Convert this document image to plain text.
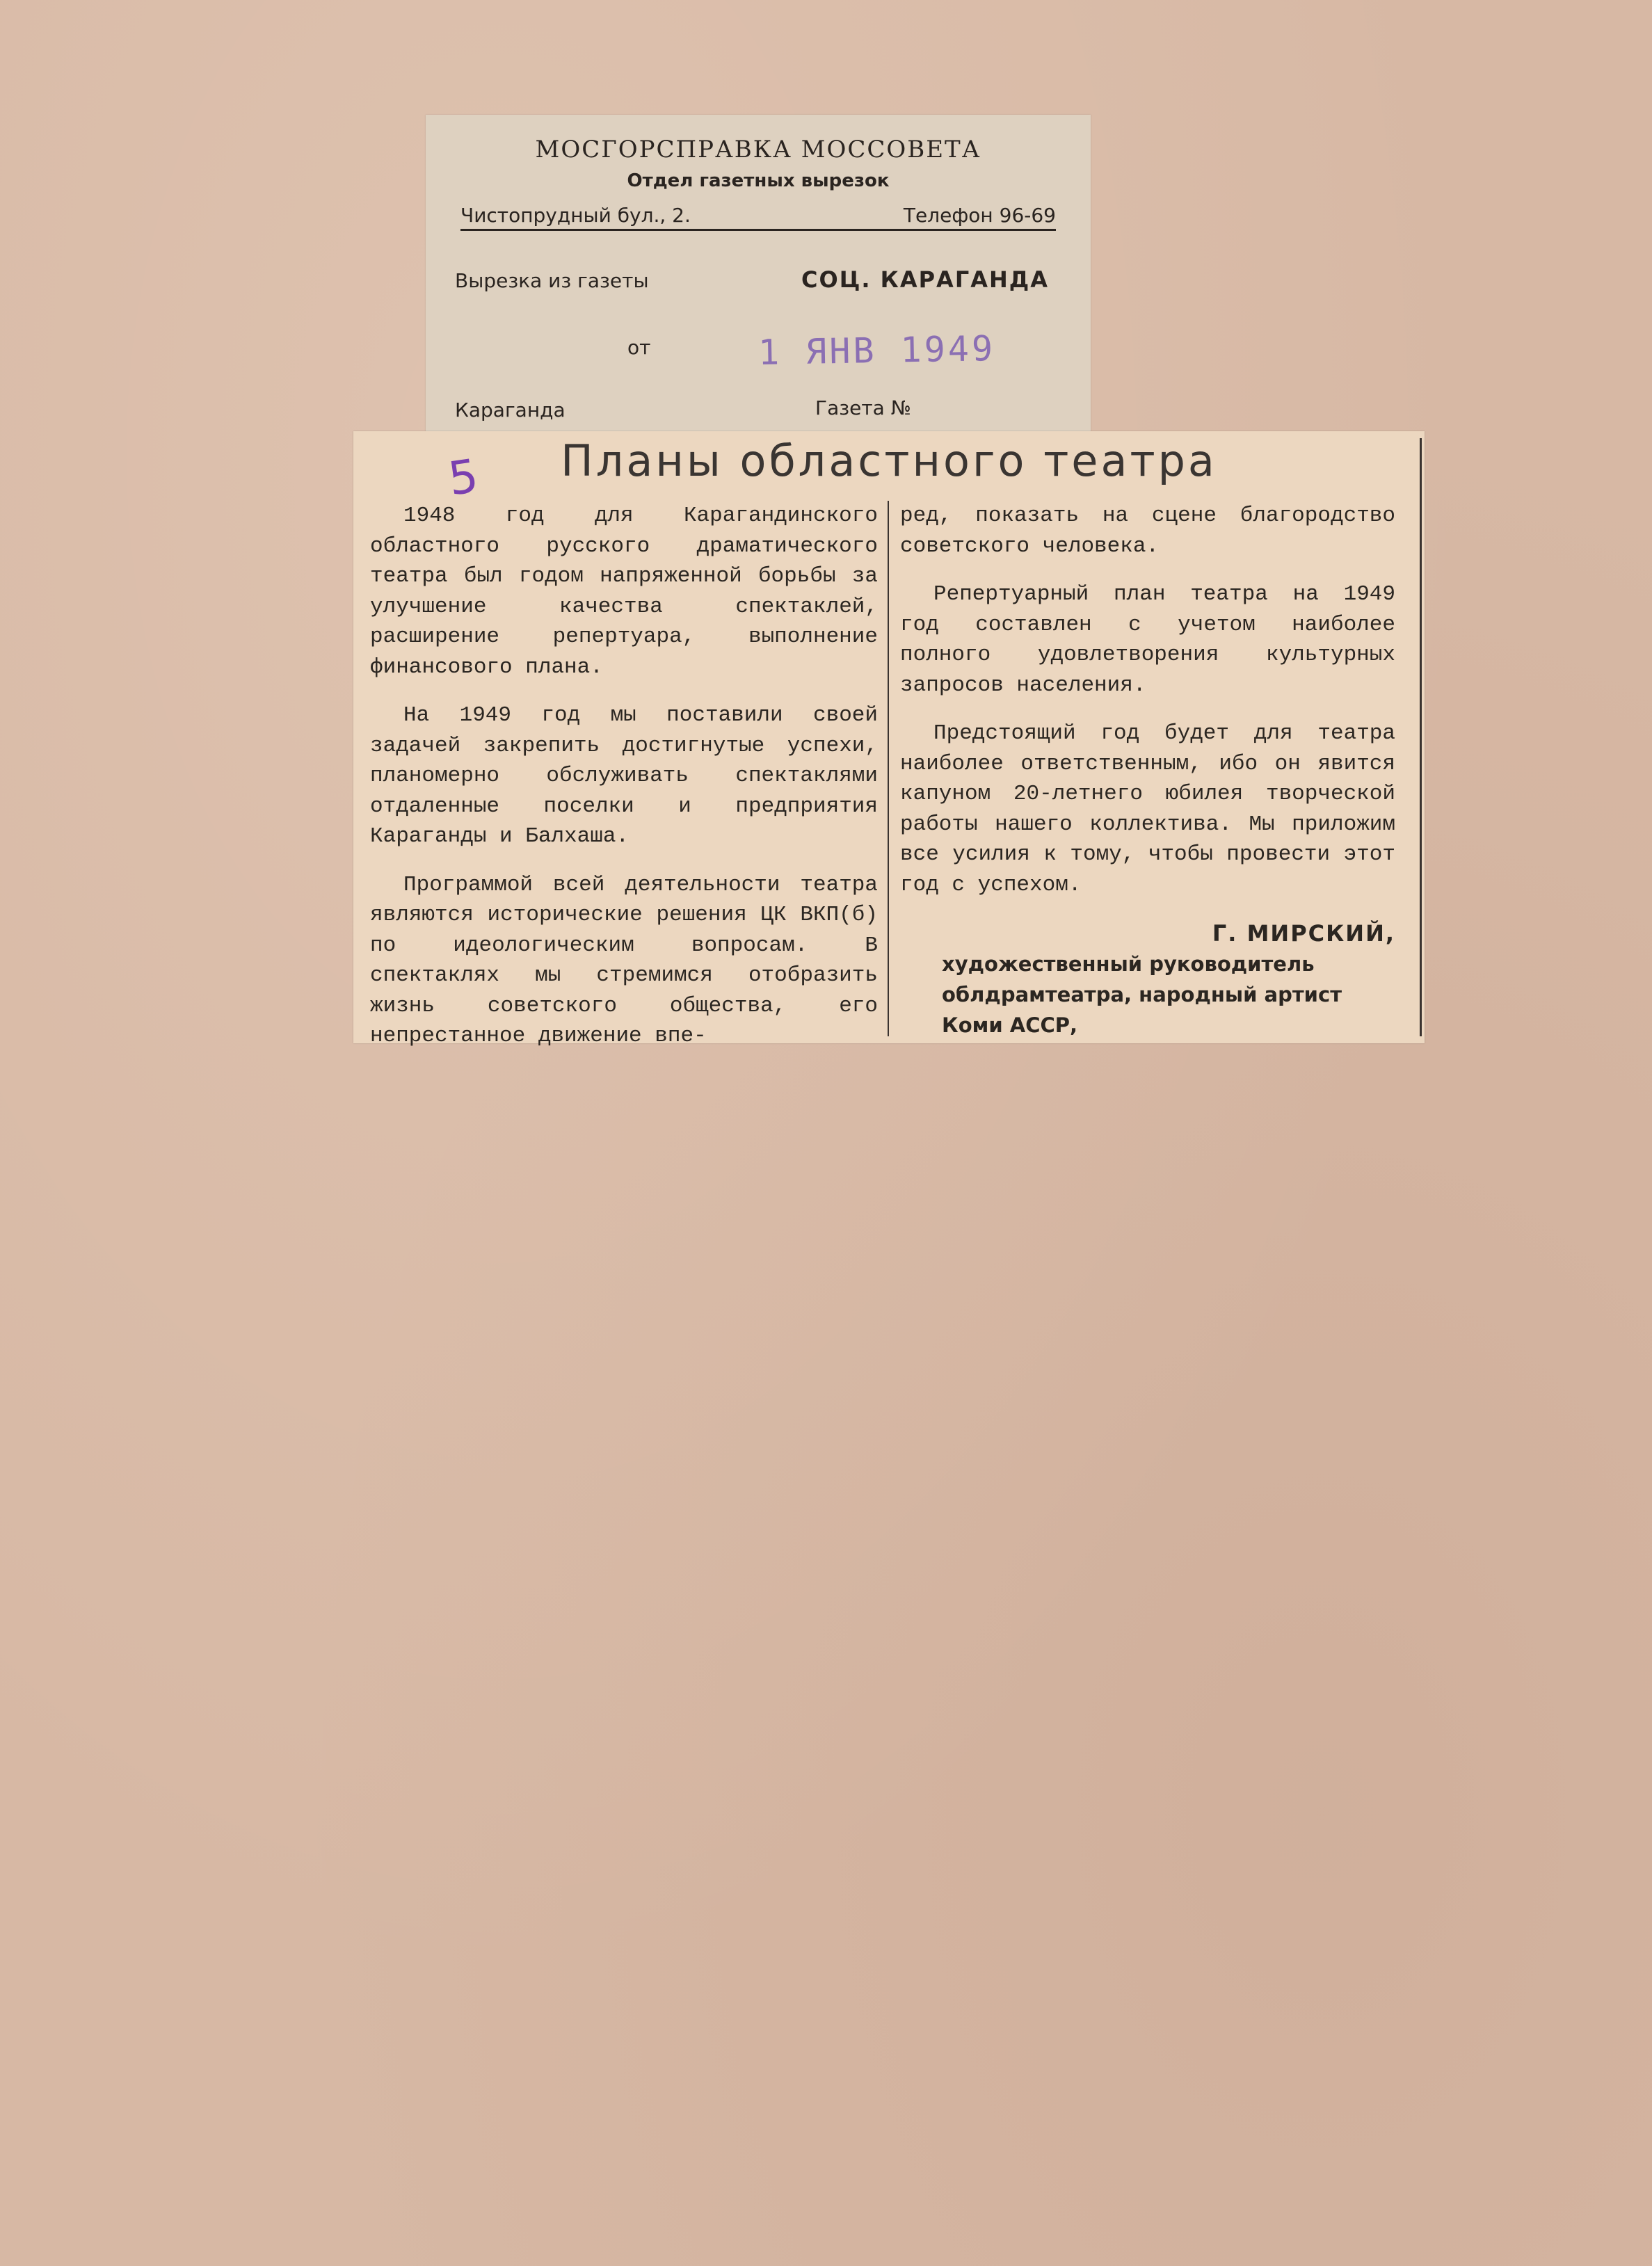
МОСГОРСПРАВКА МОССОВЕТА
Отдел газетных вырезок
Чистопрудный бул., 2.	Телефон 96-69
Вырезка из газеты	СОЦ. КАРАГАНДА
от	1 ЯНВ 1949
Караганда	Газета №
Планы областного театра

1948 год для Карагандинского областного русского драматического театра был годом напряженной борьбы за улучшение качества спектаклей, расширение репертуара, выполнение финансового плана.

На 1949 год мы поставили своей задачей закрепить достигнутые успехи, планомерно обслуживать спектаклями отдаленные поселки и предприятия Караганды и Балхаша.

Программой всей деятельности театра являются исторические решения ЦК ВКП(б) по идеологическим вопросам. В спектаклях мы стремимся отобразить жизнь советского общества, его непрестанное движение впе-

ред, показать на сцене благородство советского человека.

Репертуарный план театра на 1949 год составлен с учетом наиболее полного удовлетворения культурных запросов населения.

Предстоящий год будет для театра наиболее ответственным, ибо он явится капуном 20-летнего юбилея творческой работы нашего коллектива. Мы приложим все усилия к тому, чтобы провести этот год с успехом.

Г. МИРСКИЙ,
художественный руководитель облдрамтеатра, народный артист Коми АССР,
5
